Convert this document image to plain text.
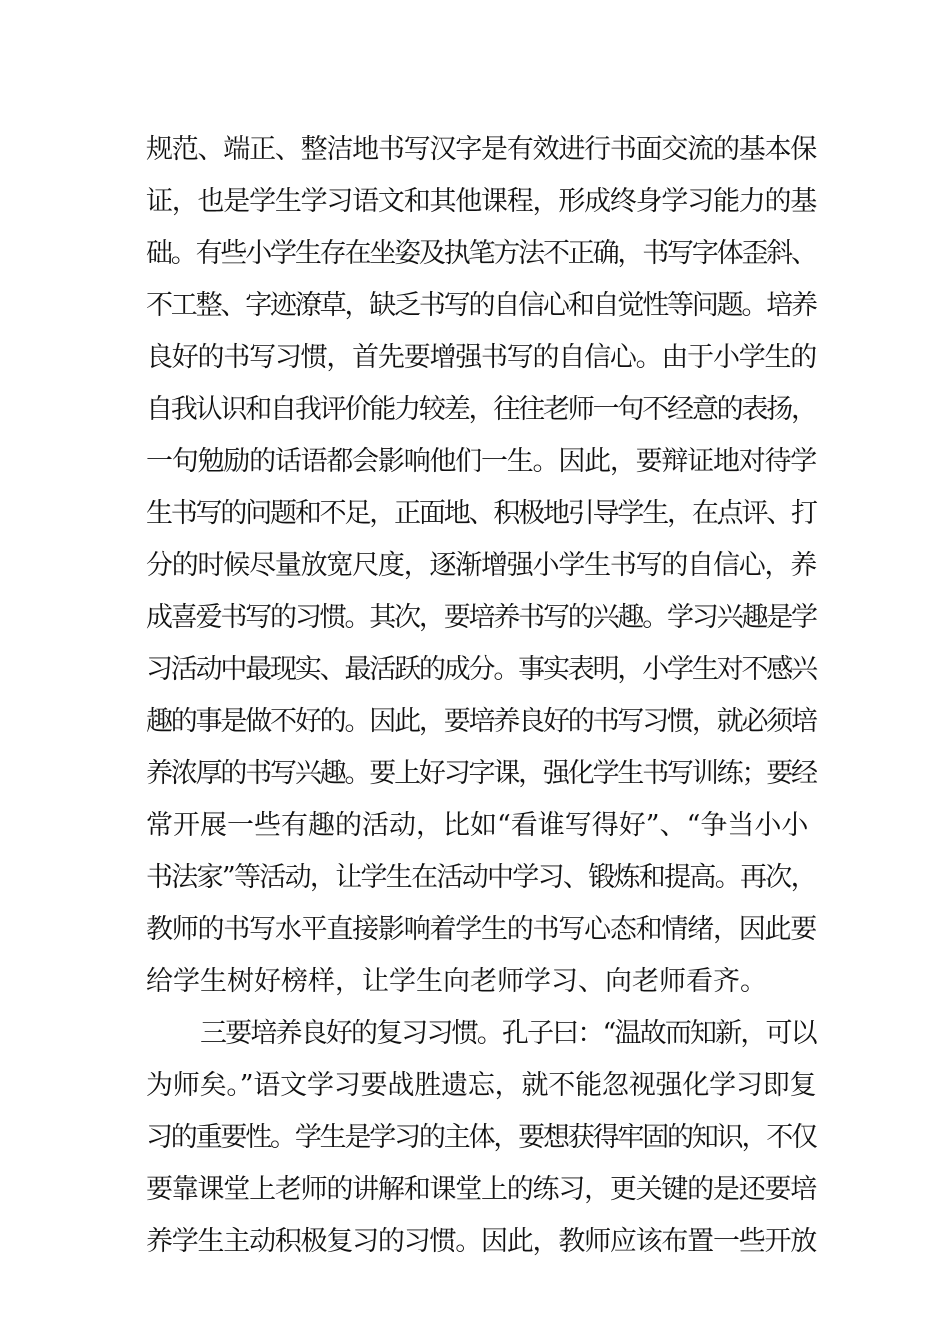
规范、端正、整洁地书写汉字是有效进行书面交流的基本保
证，也是学生学习语文和其他课程，形成终身学习能力的基
础。有些小学生存在坐姿及执笔方法不正确，书写字体歪斜、
不工整、字迹潦草，缺乏书写的自信心和自觉性等问题。培养
良好的书写习惯，首先要增强书写的自信心。由于小学生的
自我认识和自我评价能力较差，往往老师一句不经意的表扬，
一句勉励的话语都会影响他们一生。因此，要辩证地对待学
生书写的问题和不足，正面地、积极地引导学生，在点评、打
分的时候尽量放宽尺度，逐渐增强小学生书写的自信心，养
成喜爱书写的习惯。其次，要培养书写的兴趣。学习兴趣是学
习活动中最现实、最活跃的成分。事实表明，小学生对不感兴
趣的事是做不好的。因此，要培养良好的书写习惯，就必须培
养浓厚的书写兴趣。要上好习字课，强化学生书写训练；要经
常开展一些有趣的活动，比如“看谁写得好”、“争当小小
书法家”等活动，让学生在活动中学习、锻炼和提高。再次，
教师的书写水平直接影响着学生的书写心态和情绪，因此要
给学生树好榜样，让学生向老师学习、向老师看齐。
三要培养良好的复习习惯。孔子曰：“温故而知新，可以
为师矣。”语文学习要战胜遗忘，就不能忽视强化学习即复
习的重要性。学生是学习的主体，要想获得牢固的知识，不仅
要靠课堂上老师的讲解和课堂上的练习，更关键的是还要培
养学生主动积极复习的习惯。因此，教师应该布置一些开放
